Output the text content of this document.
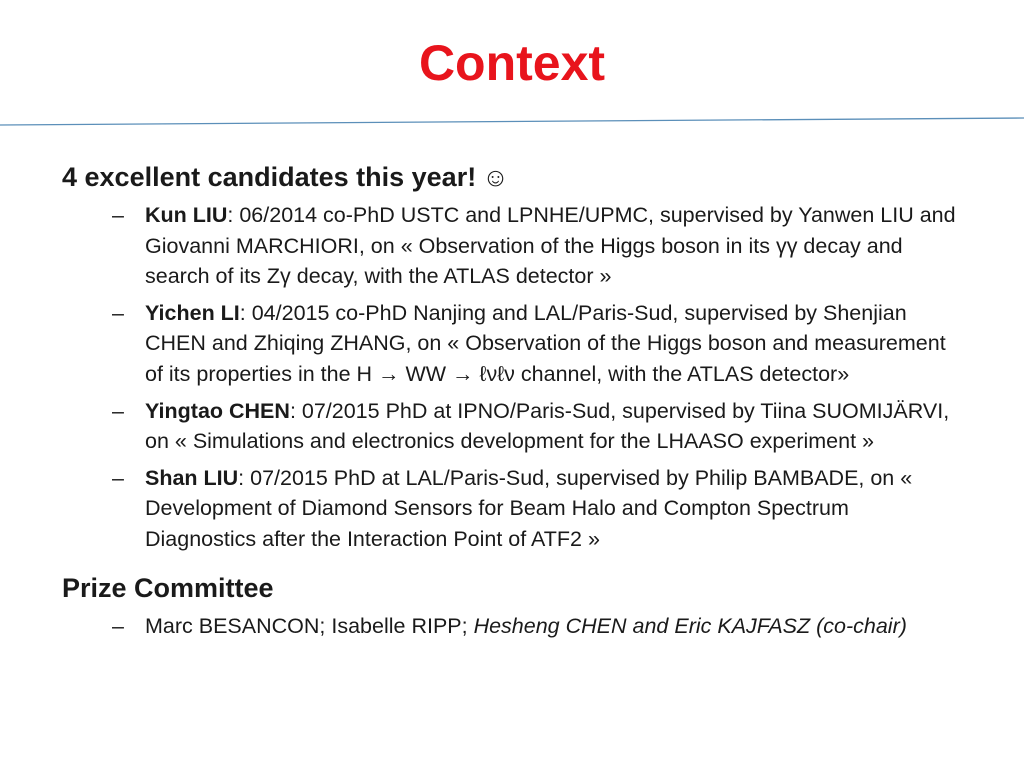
Context

4 excellent candidates this year! ☺

– Kun LIU: 06/2014 co-PhD USTC and LPNHE/UPMC, supervised by Yanwen LIU and Giovanni MARCHIORI, on « Observation of the Higgs boson in its γγ decay and search of its Zγ decay, with the ATLAS detector »
– Yichen LI: 04/2015 co-PhD Nanjing and LAL/Paris-Sud, supervised by Shenjian CHEN and Zhiqing ZHANG, on « Observation of the Higgs boson and measurement of its properties in the H → WW → ℓνℓν channel, with the ATLAS detector»
– Yingtao CHEN: 07/2015 PhD at IPNO/Paris-Sud, supervised by Tiina SUOMIJÄRVI, on « Simulations and electronics development for the LHAASO experiment »
– Shan LIU: 07/2015 PhD at LAL/Paris-Sud, supervised by Philip BAMBADE, on « Development of Diamond Sensors for Beam Halo and Compton Spectrum Diagnostics after the Interaction Point of ATF2 »

Prize Committee

– Marc BESANCON; Isabelle RIPP; Hesheng CHEN and Eric KAJFASZ (co-chair)
